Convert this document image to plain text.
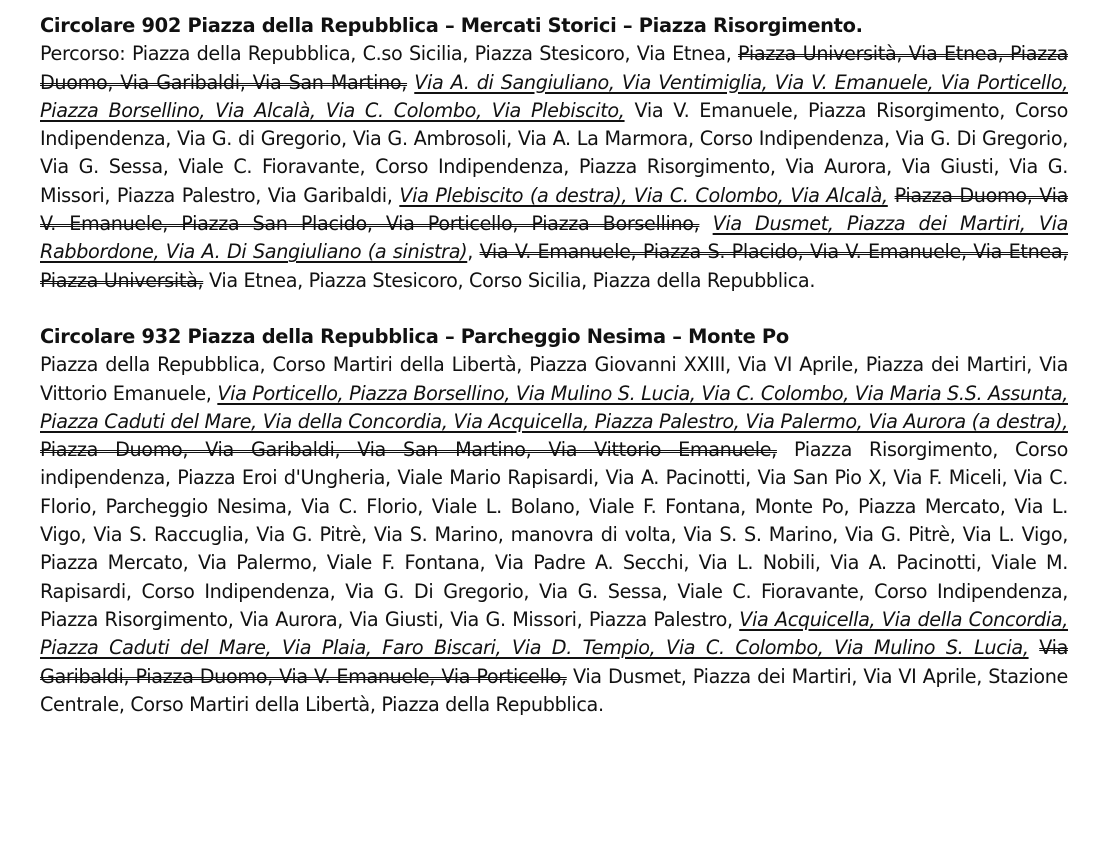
Circolare 902 Piazza della Repubblica – Mercati Storici – Piazza Risorgimento.

Percorso: Piazza della Repubblica, C.so Sicilia, Piazza Stesicoro, Via Etnea, Piazza Università, Via Etnea, Piazza Duomo, Via Garibaldi, Via San Martino, Via A. di Sangiuliano, Via Ventimiglia, Via V. Emanuele, Via Porticello, Piazza Borsellino, Via Alcalà, Via C. Colombo, Via Plebiscito, Via V. Emanuele, Piazza Risorgimento, Corso Indipendenza, Via G. di Gregorio, Via G. Ambrosoli, Via A. La Marmora, Corso Indipendenza, Via G. Di Gregorio, Via G. Sessa, Viale C. Fioravante, Corso Indipendenza, Piazza Risorgimento, Via Aurora, Via Giusti, Via G. Missori, Piazza Palestro, Via Garibaldi, Via Plebiscito (a destra), Via C. Colombo, Via Alcalà, Piazza Duomo, Via V. Emanuele, Piazza San Placido, Via Porticello, Piazza Borsellino, Via Dusmet, Piazza dei Martiri, Via Rabbordone, Via A. Di Sangiuliano (a sinistra), Via V. Emanuele, Piazza S. Placido, Via V. Emanuele, Via Etnea, Piazza Università, Via Etnea, Piazza Stesicoro, Corso Sicilia, Piazza della Repubblica.

Circolare 932 Piazza della Repubblica – Parcheggio Nesima – Monte Po

Piazza della Repubblica, Corso Martiri della Libertà, Piazza Giovanni XXIII, Via VI Aprile, Piazza dei Martiri, Via Vittorio Emanuele, Via Porticello, Piazza Borsellino, Via Mulino S. Lucia, Via C. Colombo, Via Maria S.S. Assunta, Piazza Caduti del Mare, Via della Concordia, Via Acquicella, Piazza Palestro, Via Palermo, Via Aurora (a destra), Piazza Duomo, Via Garibaldi, Via San Martino, Via Vittorio Emanuele, Piazza Risorgimento, Corso indipendenza, Piazza Eroi d'Ungheria, Viale Mario Rapisardi, Via A. Pacinotti, Via San Pio X, Via F. Miceli, Via C. Florio, Parcheggio Nesima, Via C. Florio, Viale L. Bolano, Viale F. Fontana, Monte Po, Piazza Mercato, Via L. Vigo, Via S. Raccuglia, Via G. Pitrè, Via S. Marino, manovra di volta, Via S. S. Marino, Via G. Pitrè, Via L. Vigo, Piazza Mercato, Via Palermo, Viale F. Fontana, Via Padre A. Secchi, Via L. Nobili, Via A. Pacinotti, Viale M. Rapisardi, Corso Indipendenza, Via G. Di Gregorio, Via G. Sessa, Viale C. Fioravante, Corso Indipendenza, Piazza Risorgimento, Via Aurora, Via Giusti, Via G. Missori, Piazza Palestro, Via Acquicella, Via della Concordia, Piazza Caduti del Mare, Via Plaia, Faro Biscari, Via D. Tempio, Via C. Colombo, Via Mulino S. Lucia, Via Garibaldi, Piazza Duomo, Via V. Emanuele, Via Porticello, Via Dusmet, Piazza dei Martiri, Via VI Aprile, Stazione Centrale, Corso Martiri della Libertà, Piazza della Repubblica.
